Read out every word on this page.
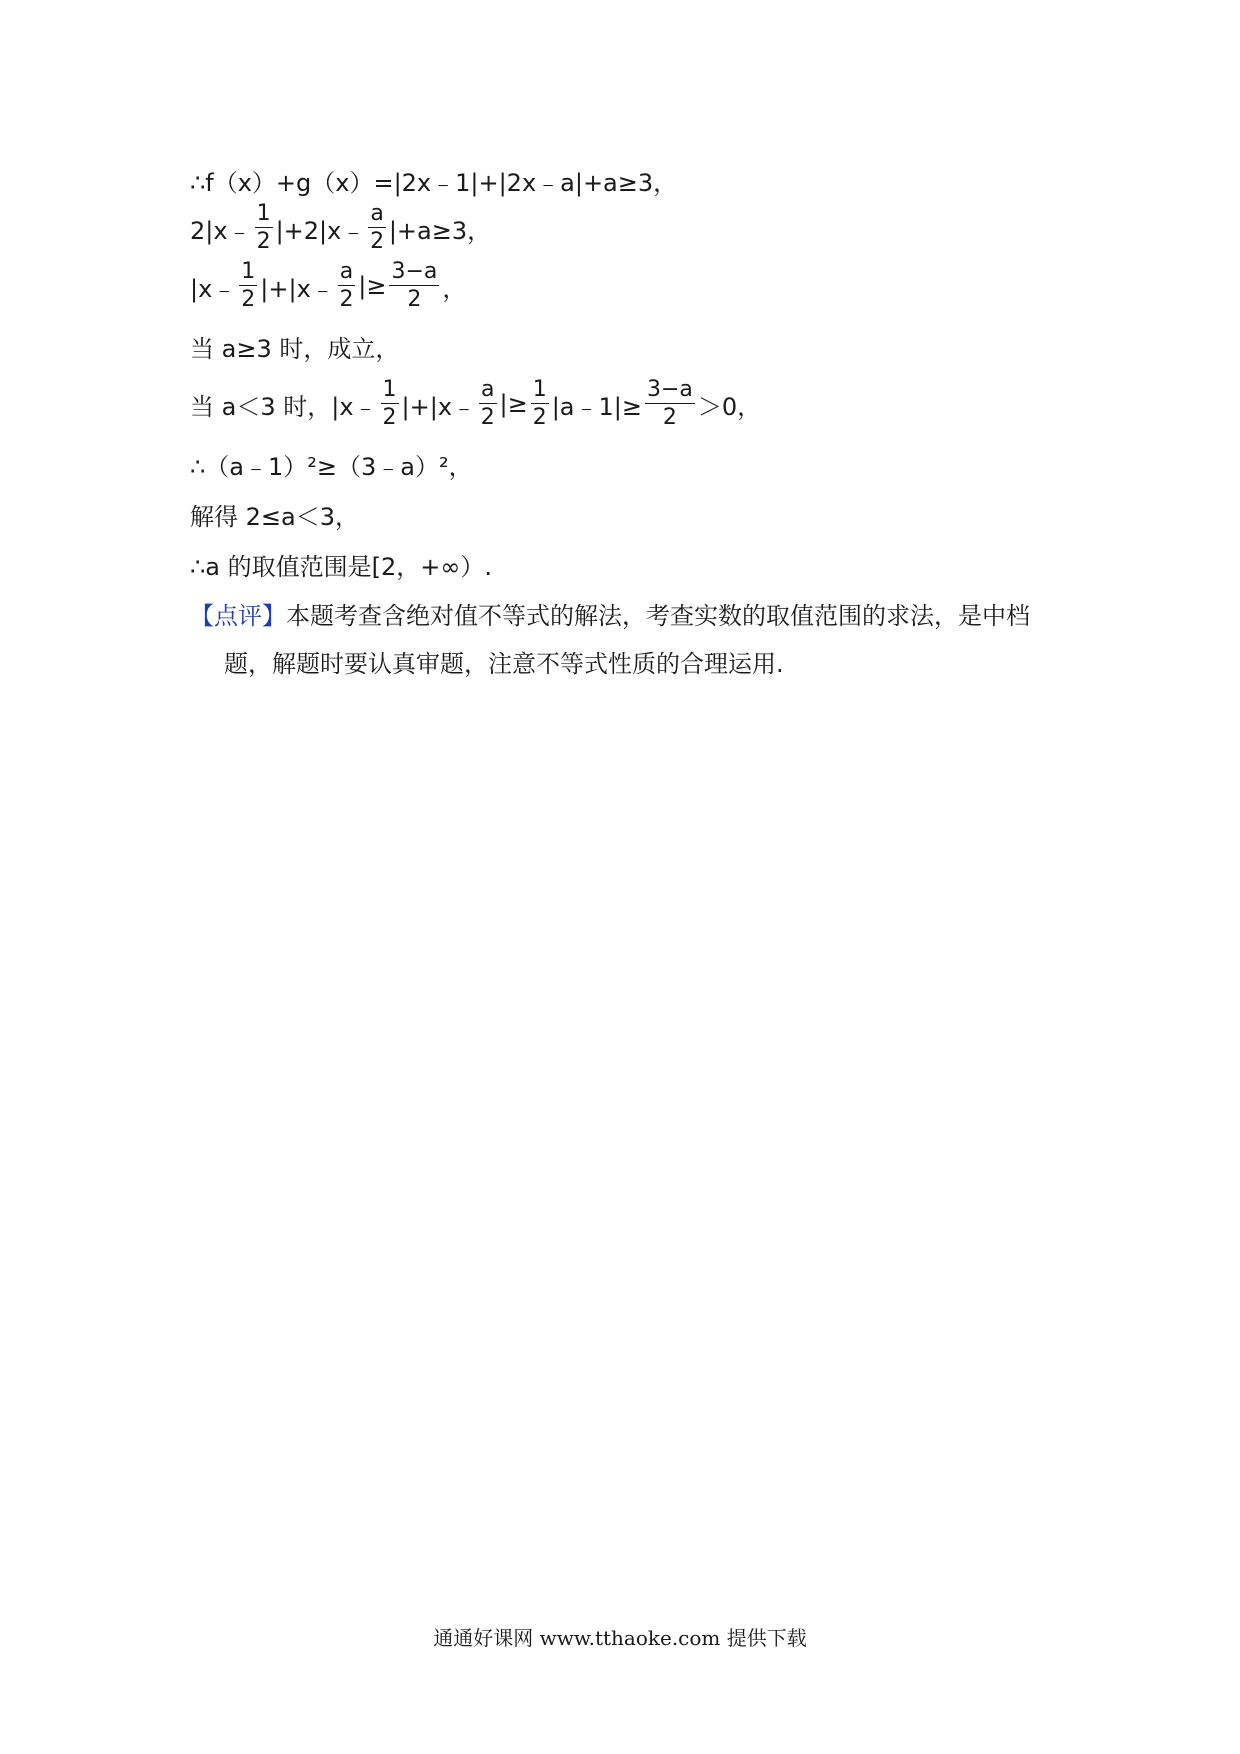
∴f（x）+g（x）=|2x﹣1|+|2x﹣a|+a≥3，
2|x﹣ $\frac{1}{2}$ |+2|x﹣ $\frac{a}{2} |+a\ge 3$，
|x﹣ $\frac{1}{2}$ |+|x﹣ $\frac{a}{2}$ |≥ $\frac{3-a}{2}$ ，
当 a≥3 时，成立，
当 a＜3 时，|x﹣ $\frac{1}{2}$ |+|x﹣ $\frac{a}{2}$ |≥ $\frac{1}{2}$ |a﹣1|≥ $\frac{3-a}{2} >0$，
∴（a﹣1）²≥（3﹣a）²，
解得 2≤a＜3，
∴a 的取值范围是[2，+∞）.
【点评】本题考查含绝对值不等式的解法，考查实数的取值范围的求法，是中档
题，解题时要认真审题，注意不等式性质的合理运用.
通通好课网 www.tthaoke.com 提供下载
